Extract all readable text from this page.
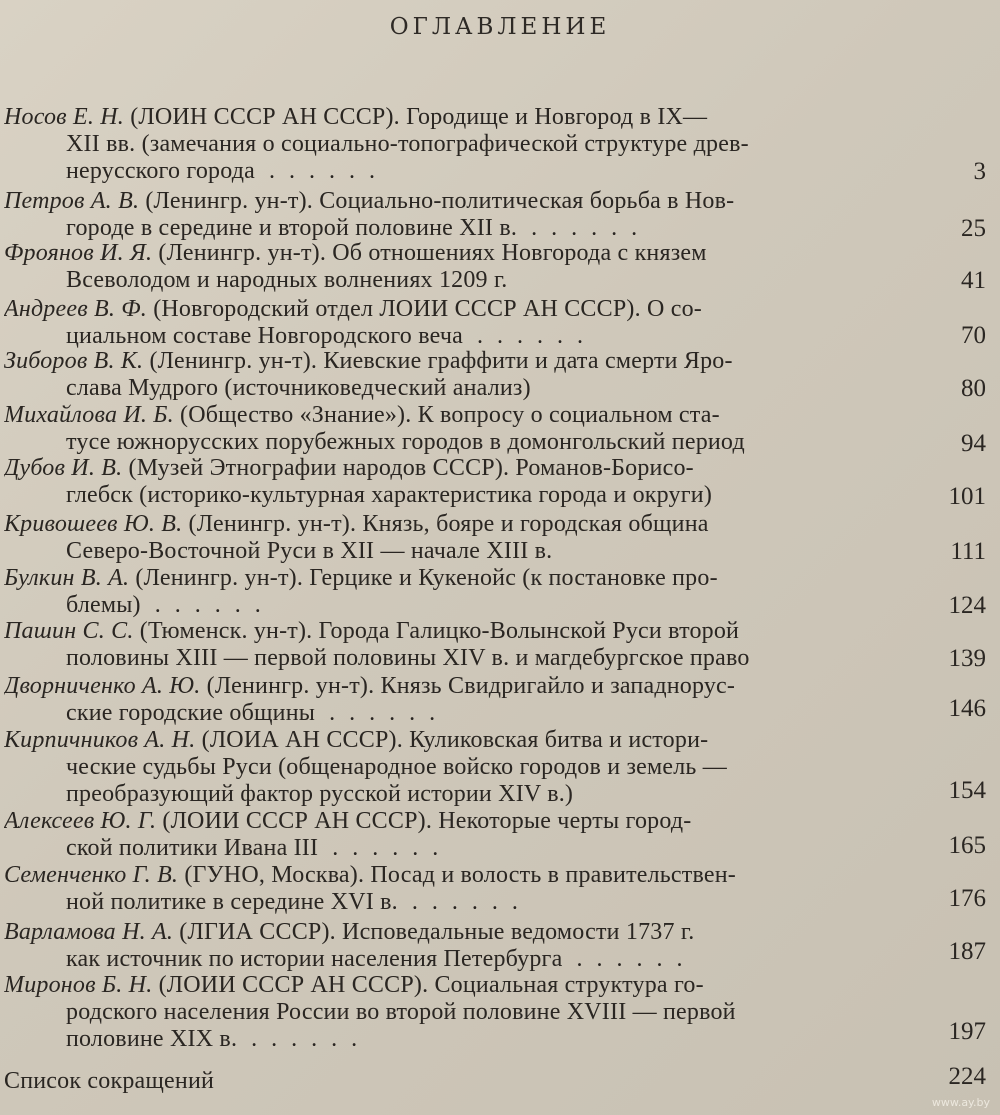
ОГЛАВЛЕНИЕ
Носов Е. Н. (ЛОИН СССР АН СССР). Городище и Новгород в IX—
XII вв. (замечания о социально-топографической структуре древ-
нерусского города ......	3
Петров А. В. (Ленингр. ун-т). Социально-политическая борьба в Нов-
городе в середине и второй половине XII в. ......	25
Фроянов И. Я. (Ленингр. ун-т). Об отношениях Новгорода с князем
Всеволодом и народных волнениях 1209 г.	41
Андреев В. Ф. (Новгородский отдел ЛОИИ СССР АН СССР). О со-
циальном составе Новгородского веча ......	70
Зиборов В. К. (Ленингр. ун-т). Киевские граффити и дата смерти Яро-
слава Мудрого (источниковедческий анализ)	80
Михайлова И. Б. (Общество «Знание»). К вопросу о социальном ста-
тусе южнорусских порубежных городов в домонгольский период	94
Дубов И. В. (Музей Этнографии народов СССР). Романов-Борисо-
глебск (историко-культурная характеристика города и округи)	101
Кривошеев Ю. В. (Ленингр. ун-т). Князь, бояре и городская община
Северо-Восточной Руси в XII — начале XIII в.	111
Булкин В. А. (Ленингр. ун-т). Герцике и Кукенойс (к постановке про-
блемы) ......	124
Пашин С. С. (Тюменск. ун-т). Города Галицко-Волынской Руси второй
половины XIII — первой половины XIV в. и магдебургское право	139
Дворниченко А. Ю. (Ленингр. ун-т). Князь Свидригайло и западнорус-
ские городские общины ......	146
Кирпичников А. Н. (ЛОИА АН СССР). Куликовская битва и истори-
ческие судьбы Руси (общенародное войско городов и земель —
преобразующий фактор русской истории XIV в.)	154
Алексеев Ю. Г. (ЛОИИ СССР АН СССР). Некоторые черты город-
ской политики Ивана III ......	165
Семенченко Г. В. (ГУНО, Москва). Посад и волость в правительствен-
ной политике в середине XVI в. ......	176
Варламова Н. А. (ЛГИА СССР). Исповедальные ведомости 1737 г.
как источник по истории населения Петербурга ......	187
Миронов Б. Н. (ЛОИИ СССР АН СССР). Социальная структура го-
родского населения России во второй половине XVIII — первой
половине XIX в. ......	197
Список сокращений	224
www.ay.by
